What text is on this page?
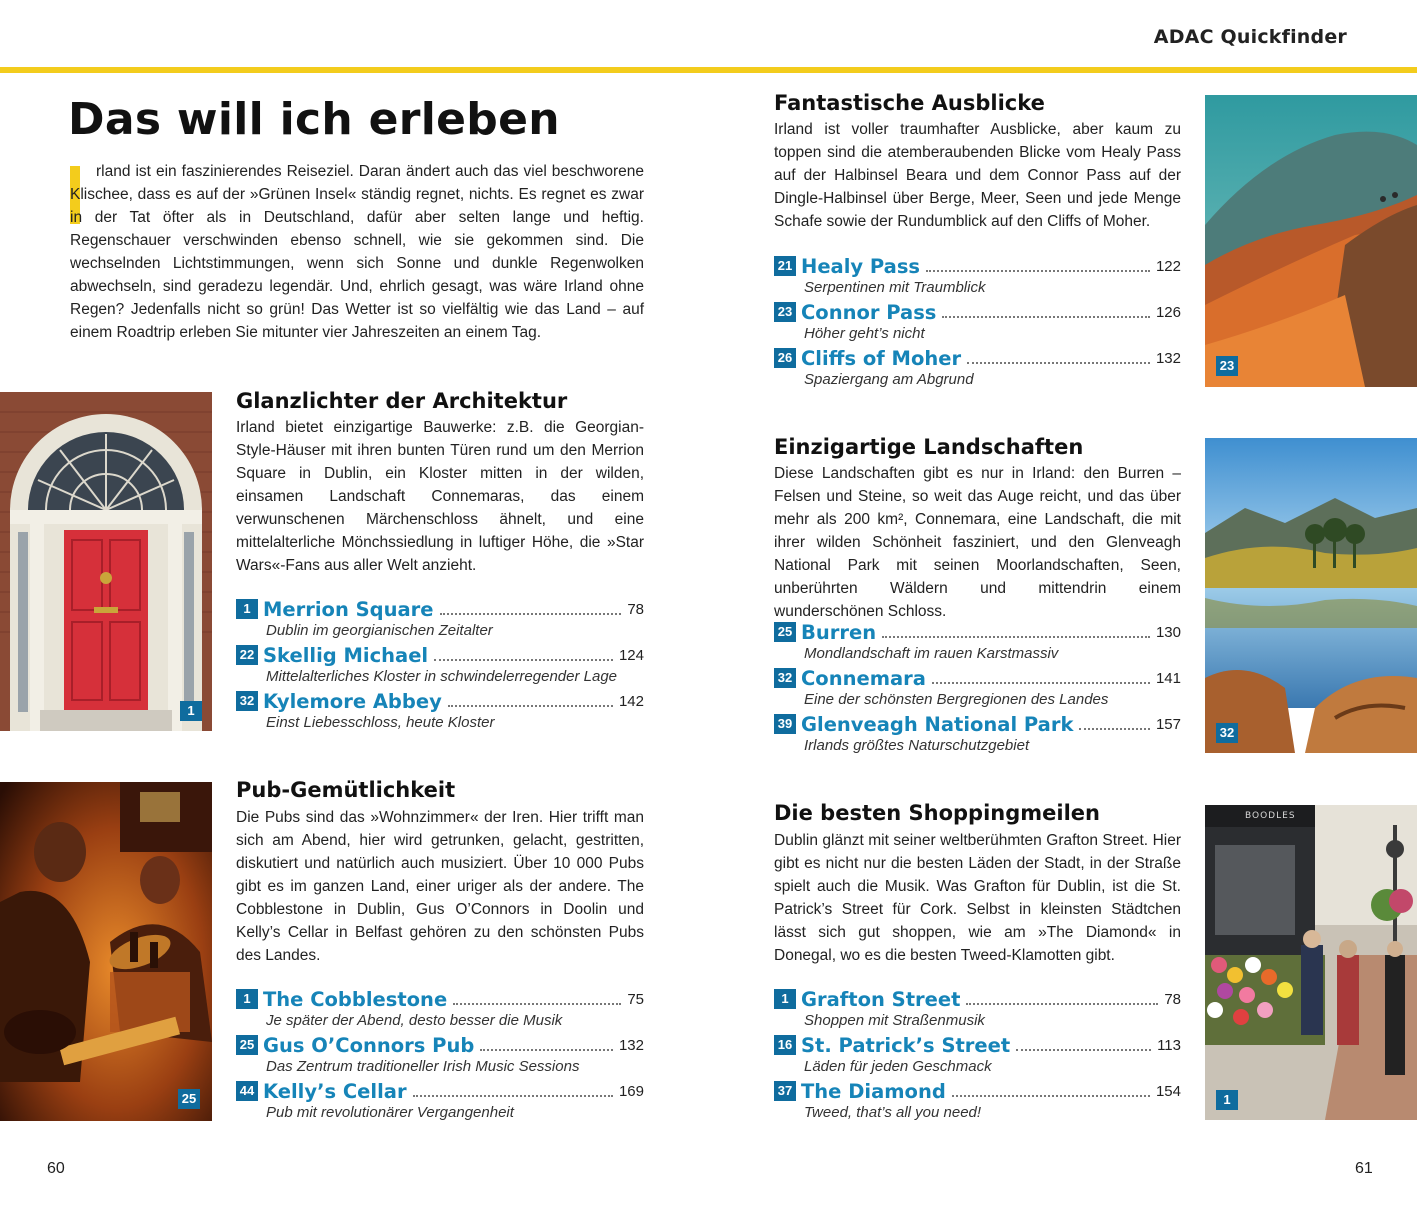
ADAC Quickfinder
Das will ich erleben

rland ist ein faszinierendes Reiseziel. Daran ändert auch das viel beschworene Klischee, dass es auf der »Grünen Insel« ständig regnet, nichts. Es regnet es zwar in der Tat öfter als in Deutschland, dafür aber selten lange und heftig. Regenschauer verschwinden ebenso schnell, wie sie gekommen sind. Die wechselnden Lichtstimmungen, wenn sich Sonne und dunkle Regenwolken abwechseln, sind geradezu legendär. Und, ehrlich gesagt, was wäre Irland ohne Regen? Jedenfalls nicht so grün! Das Wetter ist so vielfältig wie das Land – auf einem Roadtrip erleben Sie mitunter vier Jahreszeiten an einem Tag.

1
Glanzlichter der Architektur
Irland bietet einzigartige Bauwerke: z.B. die Georgian-Style-Häuser mit ihren bunten Türen rund um den Merrion Square in Dublin, ein Kloster mitten in der wilden, einsamen Landschaft Connemaras, das einem verwunschenen Märchenschloss ähnelt, und eine mittelalterliche Mönchssiedlung in luftiger Höhe, die »Star Wars«-Fans aus aller Welt anzieht.
1 Merrion Square	78
Dublin im georgianischen Zeitalter
22 Skellig Michael	124
Mittelalterliches Kloster in schwindelerregender Lage
32 Kylemore Abbey	142
Einst Liebesschloss, heute Kloster
25
Pub-Gemütlichkeit
Die Pubs sind das »Wohnzimmer« der Iren. Hier trifft man sich am Abend, hier wird getrunken, gelacht, gestritten, diskutiert und natürlich auch musiziert. Über 10 000 Pubs gibt es im ganzen Land, einer uriger als der andere. The Cobblestone in Dublin, Gus O’Connors in Doolin und Kelly’s Cellar in Belfast gehören zu den schönsten Pubs des Landes.
1 The Cobblestone	75
Je später der Abend, desto besser die Musik
25 Gus O’Connors Pub	132
Das Zentrum traditioneller Irish Music Sessions
44 Kelly’s Cellar	169
Pub mit revolutionärer Vergangenheit
Fantastische Ausblicke
Irland ist voller traumhafter Ausblicke, aber kaum zu toppen sind die atemberaubenden Blicke vom Healy Pass auf der Halbinsel Beara und dem Connor Pass auf der Dingle-Halbinsel über Berge, Meer, Seen und jede Menge Schafe sowie der Rundumblick auf den Cliffs of Moher.
21 Healy Pass	122
Serpentinen mit Traumblick
23 Connor Pass	126
Höher geht’s nicht
26 Cliffs of Moher	132
Spaziergang am Abgrund
23
Einzigartige Landschaften
Diese Landschaften gibt es nur in Irland: den Burren – Felsen und Steine, so weit das Auge reicht, und das über mehr als 200 km², Connemara, eine Landschaft, die mit ihrer wilden Schönheit fasziniert, und den Glenveagh National Park mit seinen Moorlandschaften, Seen, unberührten Wäldern und mittendrin einem wunderschönen Schloss.
25 Burren	130
Mondlandschaft im rauen Karstmassiv
32 Connemara	141
Eine der schönsten Bergregionen des Landes
39 Glenveagh National Park	157
Irlands größtes Naturschutzgebiet
32
Die besten Shoppingmeilen
Dublin glänzt mit seiner weltberühmten Grafton Street. Hier gibt es nicht nur die besten Läden der Stadt, in der Straße spielt auch die Musik. Was Grafton für Dublin, ist die St. Patrick’s Street für Cork. Selbst in kleinsten Städtchen lässt sich gut shoppen, wie am »The Diamond« in Donegal, wo es die besten Tweed-Klamotten gibt.
1 Grafton Street	78
Shoppen mit Straßenmusik
16 St. Patrick’s Street	113
Läden für jeden Geschmack
37 The Diamond	154
Tweed, that’s all you need!
BOODLES
1
60	61
